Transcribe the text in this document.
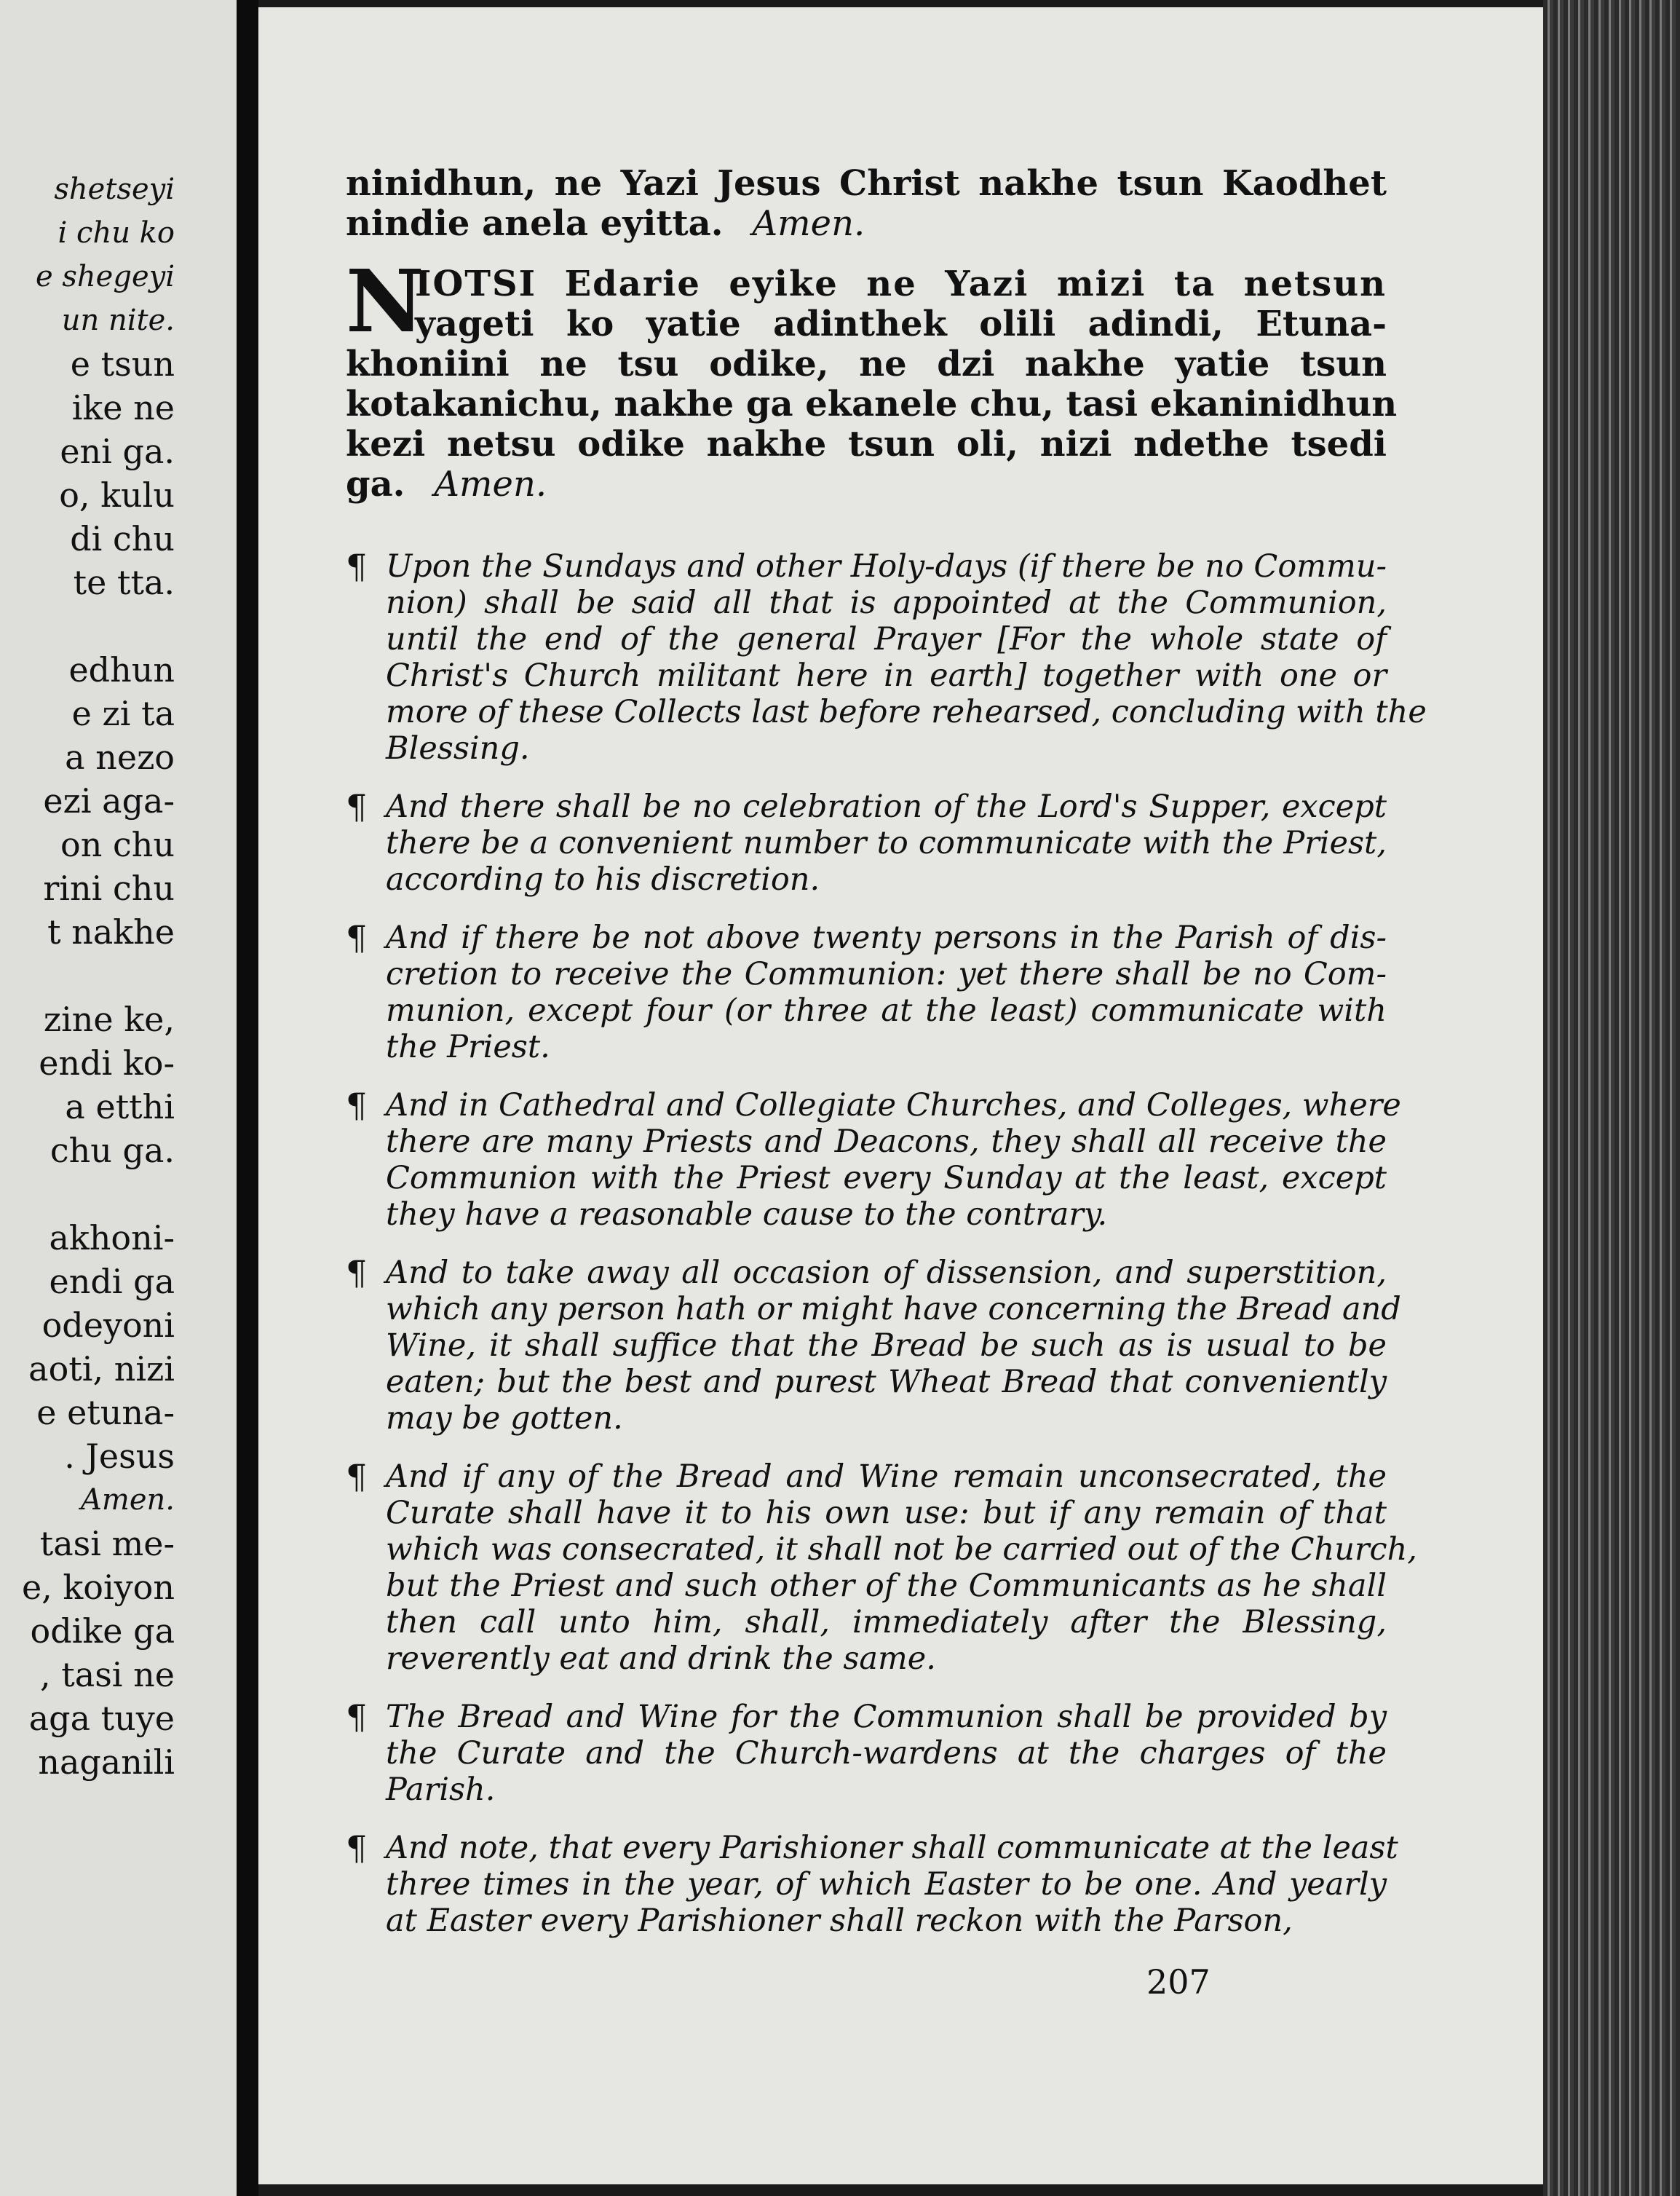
shetseyi
i chu ko
e shegeyi
un nite.
e tsun
ike ne
eni ga.
o, kulu
di chu
te tta.
edhun
e zi ta
a nezo
ezi aga-
on chu
rini chu
t nakhe
zine ke,
endi ko-
a etthi
chu ga.
akhoni-
endi ga
odeyoni
aoti, nizi
e etuna-
. Jesus
Amen.
tasi me-
e, koiyon
odike ga
, tasi ne
aga tuye
naganili
ninidhun, ne Yazi Jesus Christ nakhe tsun Kaodhet
nindie anela eyitta. Amen.
N
IOTSI Edarie eyike ne Yazi mizi ta netsun
yageti ko yatie adinthek olili adindi, Etuna-
khoniini ne tsu odike, ne dzi nakhe yatie tsun
kotakanichu, nakhe ga ekanele chu, tasi ekaninidhun
kezi netsu odike nakhe tsun oli, nizi ndethe tsedi
ga. Amen.
¶ Upon the Sundays and other Holy-days (if there be no Commu-
nion) shall be said all that is appointed at the Communion,
until the end of the general Prayer [For the whole state of
Christ's Church militant here in earth] together with one or
more of these Collects last before rehearsed, concluding with the
Blessing.
¶ And there shall be no celebration of the Lord's Supper, except
there be a convenient number to communicate with the Priest,
according to his discretion.
¶ And if there be not above twenty persons in the Parish of dis-
cretion to receive the Communion: yet there shall be no Com-
munion, except four (or three at the least) communicate with
the Priest.
¶ And in Cathedral and Collegiate Churches, and Colleges, where
there are many Priests and Deacons, they shall all receive the
Communion with the Priest every Sunday at the least, except
they have a reasonable cause to the contrary.
¶ And to take away all occasion of dissension, and superstition,
which any person hath or might have concerning the Bread and
Wine, it shall suffice that the Bread be such as is usual to be
eaten; but the best and purest Wheat Bread that conveniently
may be gotten.
¶ And if any of the Bread and Wine remain unconsecrated, the
Curate shall have it to his own use: but if any remain of that
which was consecrated, it shall not be carried out of the Church,
but the Priest and such other of the Communicants as he shall
then call unto him, shall, immediately after the Blessing,
reverently eat and drink the same.
¶ The Bread and Wine for the Communion shall be provided by
the Curate and the Church-wardens at the charges of the
Parish.
¶ And note, that every Parishioner shall communicate at the least
three times in the year, of which Easter to be one. And yearly
at Easter every Parishioner shall reckon with the Parson,
207
